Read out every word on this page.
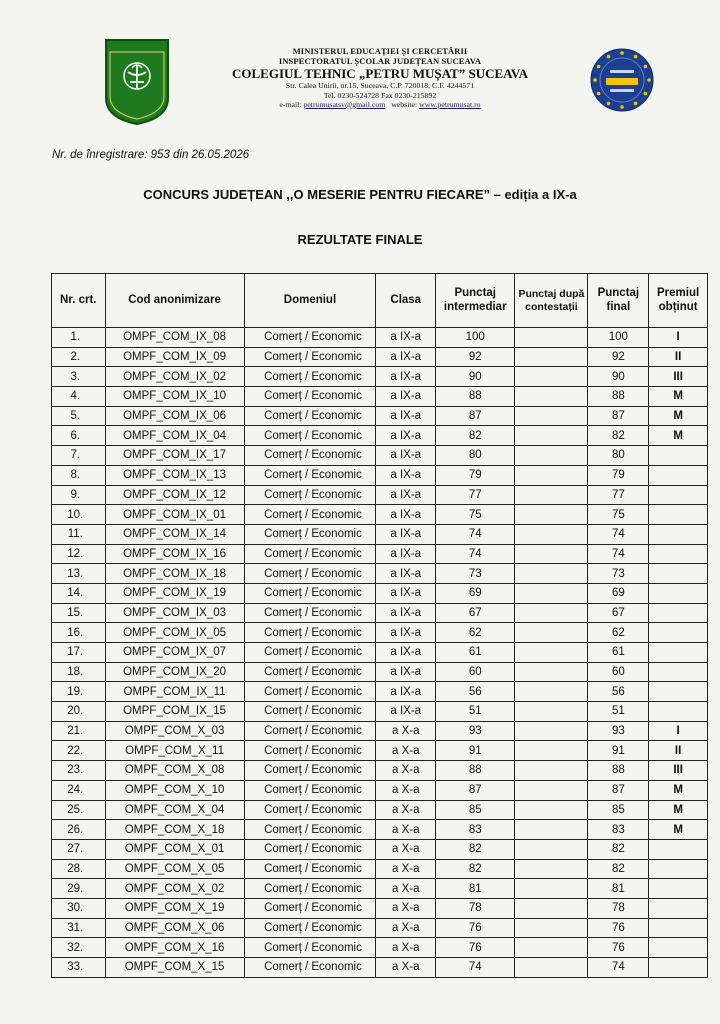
MINISTERUL EDUCAȚIEI ȘI CERCETĂRII
INSPECTORATUL ȘCOLAR JUDEȚEAN SUCEAVA
COLEGIUL TEHNIC „PETRU MUȘAT” SUCEAVA
Str. Calea Unirii, nr.15, Suceava, C.P. 720018, C.F. 4244571
Tel. 0230-524728 Fax 0230-215892
e-mail: petrumusatsv@gmail.com website: www.petrumusat.ro
Nr. de înregistrare: 953 din 26.05.2026
CONCURS JUDEȚEAN ,,O MESERIE PENTRU FIECARE” – ediția a IX-a
REZULTATE FINALE
Nr. crt.	Cod anonimizare	Domeniul	Clasa	Punctaj intermediar	Punctaj după contestații	Punctaj final	Premiul obținut
1.	OMPF_COM_IX_08	Comerț / Economic	a IX-a	100		100	I
2.	OMPF_COM_IX_09	Comerț / Economic	a IX-a	92		92	II
3.	OMPF_COM_IX_02	Comerț / Economic	a IX-a	90		90	III
4.	OMPF_COM_IX_10	Comerț / Economic	a IX-a	88		88	M
5.	OMPF_COM_IX_06	Comerț / Economic	a IX-a	87		87	M
6.	OMPF_COM_IX_04	Comerț / Economic	a IX-a	82		82	M
7.	OMPF_COM_IX_17	Comerț / Economic	a IX-a	80		80	
8.	OMPF_COM_IX_13	Comerț / Economic	a IX-a	79		79	
9.	OMPF_COM_IX_12	Comerț / Economic	a IX-a	77		77	
10.	OMPF_COM_IX_01	Comerț / Economic	a IX-a	75		75	
11.	OMPF_COM_IX_14	Comerț / Economic	a IX-a	74		74	
12.	OMPF_COM_IX_16	Comerț / Economic	a IX-a	74		74	
13.	OMPF_COM_IX_18	Comerț / Economic	a IX-a	73		73	
14.	OMPF_COM_IX_19	Comerț / Economic	a IX-a	69		69	
15.	OMPF_COM_IX_03	Comerț / Economic	a IX-a	67		67	
16.	OMPF_COM_IX_05	Comerț / Economic	a IX-a	62		62	
17.	OMPF_COM_IX_07	Comerț / Economic	a IX-a	61		61	
18.	OMPF_COM_IX_20	Comerț / Economic	a IX-a	60		60	
19.	OMPF_COM_IX_11	Comerț / Economic	a IX-a	56		56	
20.	OMPF_COM_IX_15	Comerț / Economic	a IX-a	51		51	
21.	OMPF_COM_X_03	Comerț / Economic	a X-a	93		93	I
22.	OMPF_COM_X_11	Comerț / Economic	a X-a	91		91	II
23.	OMPF_COM_X_08	Comerț / Economic	a X-a	88		88	III
24.	OMPF_COM_X_10	Comerț / Economic	a X-a	87		87	M
25.	OMPF_COM_X_04	Comerț / Economic	a X-a	85		85	M
26.	OMPF_COM_X_18	Comerț / Economic	a X-a	83		83	M
27.	OMPF_COM_X_01	Comerț / Economic	a X-a	82		82	
28.	OMPF_COM_X_05	Comerț / Economic	a X-a	82		82	
29.	OMPF_COM_X_02	Comerț / Economic	a X-a	81		81	
30.	OMPF_COM_X_19	Comerț / Economic	a X-a	78		78	
31.	OMPF_COM_X_06	Comerț / Economic	a X-a	76		76	
32.	OMPF_COM_X_16	Comerț / Economic	a X-a	76		76	
33.	OMPF_COM_X_15	Comerț / Economic	a X-a	74		74	
